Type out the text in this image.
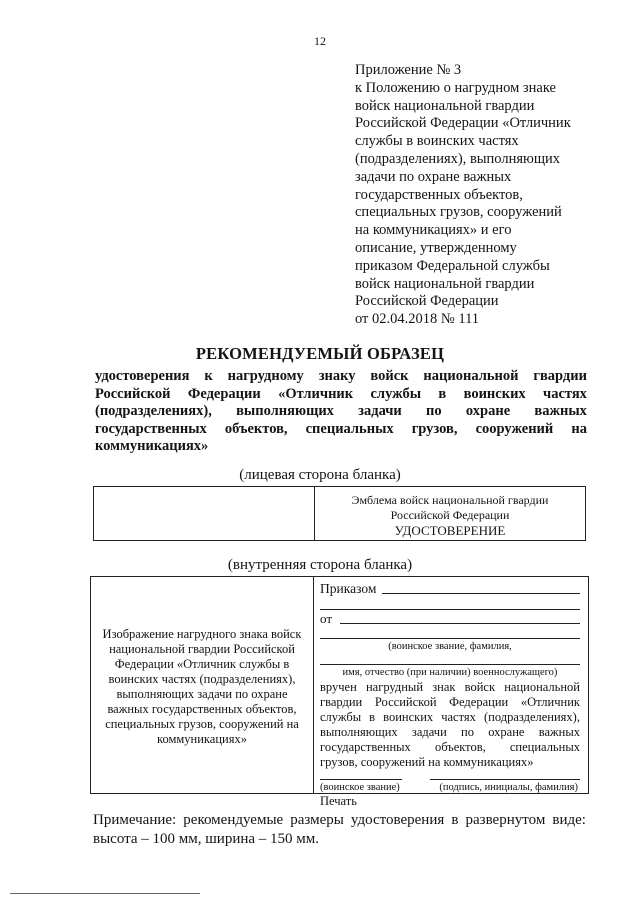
12
Приложение № 3
к Положению о нагрудном знаке
войск национальной гвардии
Российской Федерации «Отличник
службы в воинских частях
(подразделениях), выполняющих
задачи по охране важных
государственных объектов,
специальных грузов, сооружений
на коммуникациях» и его
описание, утвержденному
приказом Федеральной службы
войск национальной гвардии
Российской Федерации
от 02.04.2018 № 111
РЕКОМЕНДУЕМЫЙ ОБРАЗЕЦ
удостоверения к нагрудному знаку войск национальной гвардии
Российской Федерации «Отличник службы в воинских частях
(подразделениях), выполняющих задачи по охране важных
государственных объектов, специальных грузов, сооружений на
коммуникациях»
(лицевая сторона бланка)
Эмблема войск национальной гвардии
Российской Федерации
УДОСТОВЕРЕНИЕ
(внутренняя сторона бланка)
Изображение нагрудного знака войск
национальной гвардии Российской
Федерации «Отличник службы в
воинских частях (подразделениях),
выполняющих задачи по охране
важных государственных объектов,
специальных грузов, сооружений на
коммуникациях»
Приказом
от
(воинское звание, фамилия,
имя, отчество (при наличии) военнослужащего)
вручен нагрудный знак войск национальной
гвардии Российской Федерации «Отличник
службы в воинских частях (подразделениях),
выполняющих задачи по охране важных
государственных объектов, специальных
грузов, сооружений на коммуникациях»
(воинское звание)	(подпись, инициалы, фамилия)
Печать
Примечание: рекомендуемые размеры удостоверения в развернутом виде:
высота – 100 мм, ширина – 150 мм.
